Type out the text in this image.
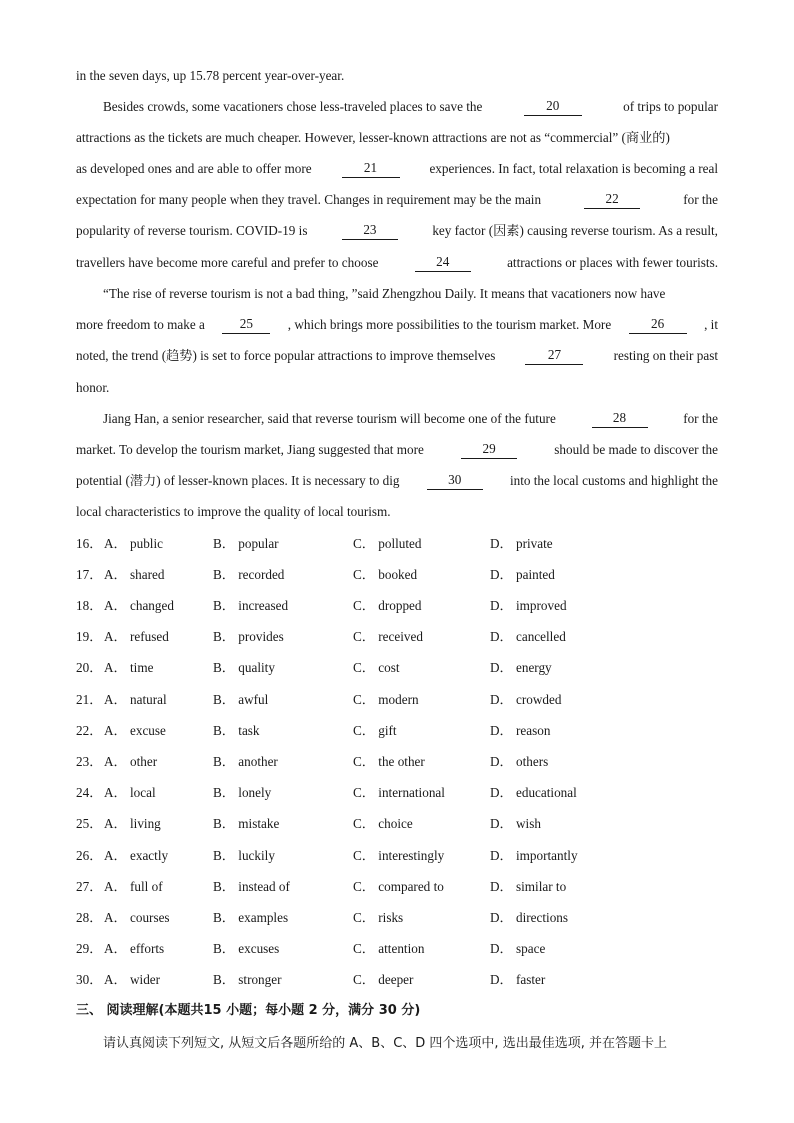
in the seven days, up 15.78 percent year-over-year.
Besides crowds, some vacationers chose less-traveled places to save the	20	of trips to popular
attractions as the tickets are much cheaper. However, lesser-known attractions are not as “commercial” (商业的)
as developed ones and are able to offer more	21	experiences. In fact, total relaxation is becoming a real
expectation for many people when they travel. Changes in requirement may be the main	22	for the
popularity of reverse tourism. COVID-19 is	23	key factor (因素) causing reverse tourism. As a result,
travellers have become more careful and prefer to choose	24	attractions or places with fewer tourists.
“The rise of reverse tourism is not a bad thing, ”said Zhengzhou Daily. It means that vacationers now have
more freedom to make a	25	, which brings more possibilities to the tourism market. More	26	, it
noted, the trend (趋势) is set to force popular attractions to improve themselves	27	resting on their past
honor.
Jiang Han, a senior researcher, said that reverse tourism will become one of the future	28	for the
market. To develop the tourism market, Jiang suggested that more	29	should be made to discover the
potential (潜力) of lesser-known places. It is necessary to dig	30	into the local customs and highlight the
local characteristics to improve the quality of local tourism.
16． A． public	B． popular	C． polluted	D． private
17． A． shared	B． recorded	C． booked	D． painted
18． A． changed	B． increased	C． dropped	D． improved
19． A． refused	B． provides	C． received	D． cancelled
20． A． time	B． quality	C． cost	D． energy
21． A． natural	B． awful	C． modern	D． crowded
22． A． excuse	B． task	C． gift	D． reason
23． A． other	B． another	C． the other	D． others
24． A． local	B． lonely	C． international	D． educational
25． A． living	B． mistake	C． choice	D． wish
26． A． exactly	B． luckily	C． interestingly	D． importantly
27． A． full of	B． instead of	C． compared to	D． similar to
28． A． courses	B． examples	C． risks	D． directions
29． A． efforts	B． excuses	C． attention	D． space
30． A． wider	B． stronger	C． deeper	D． faster
三、 阅读理解(本题共15 小题；每小题 2 分，满分 30 分)
请认真阅读下列短文, 从短文后各题所给的 A、B、C、D 四个选项中, 选出最佳选项, 并在答题卡上
